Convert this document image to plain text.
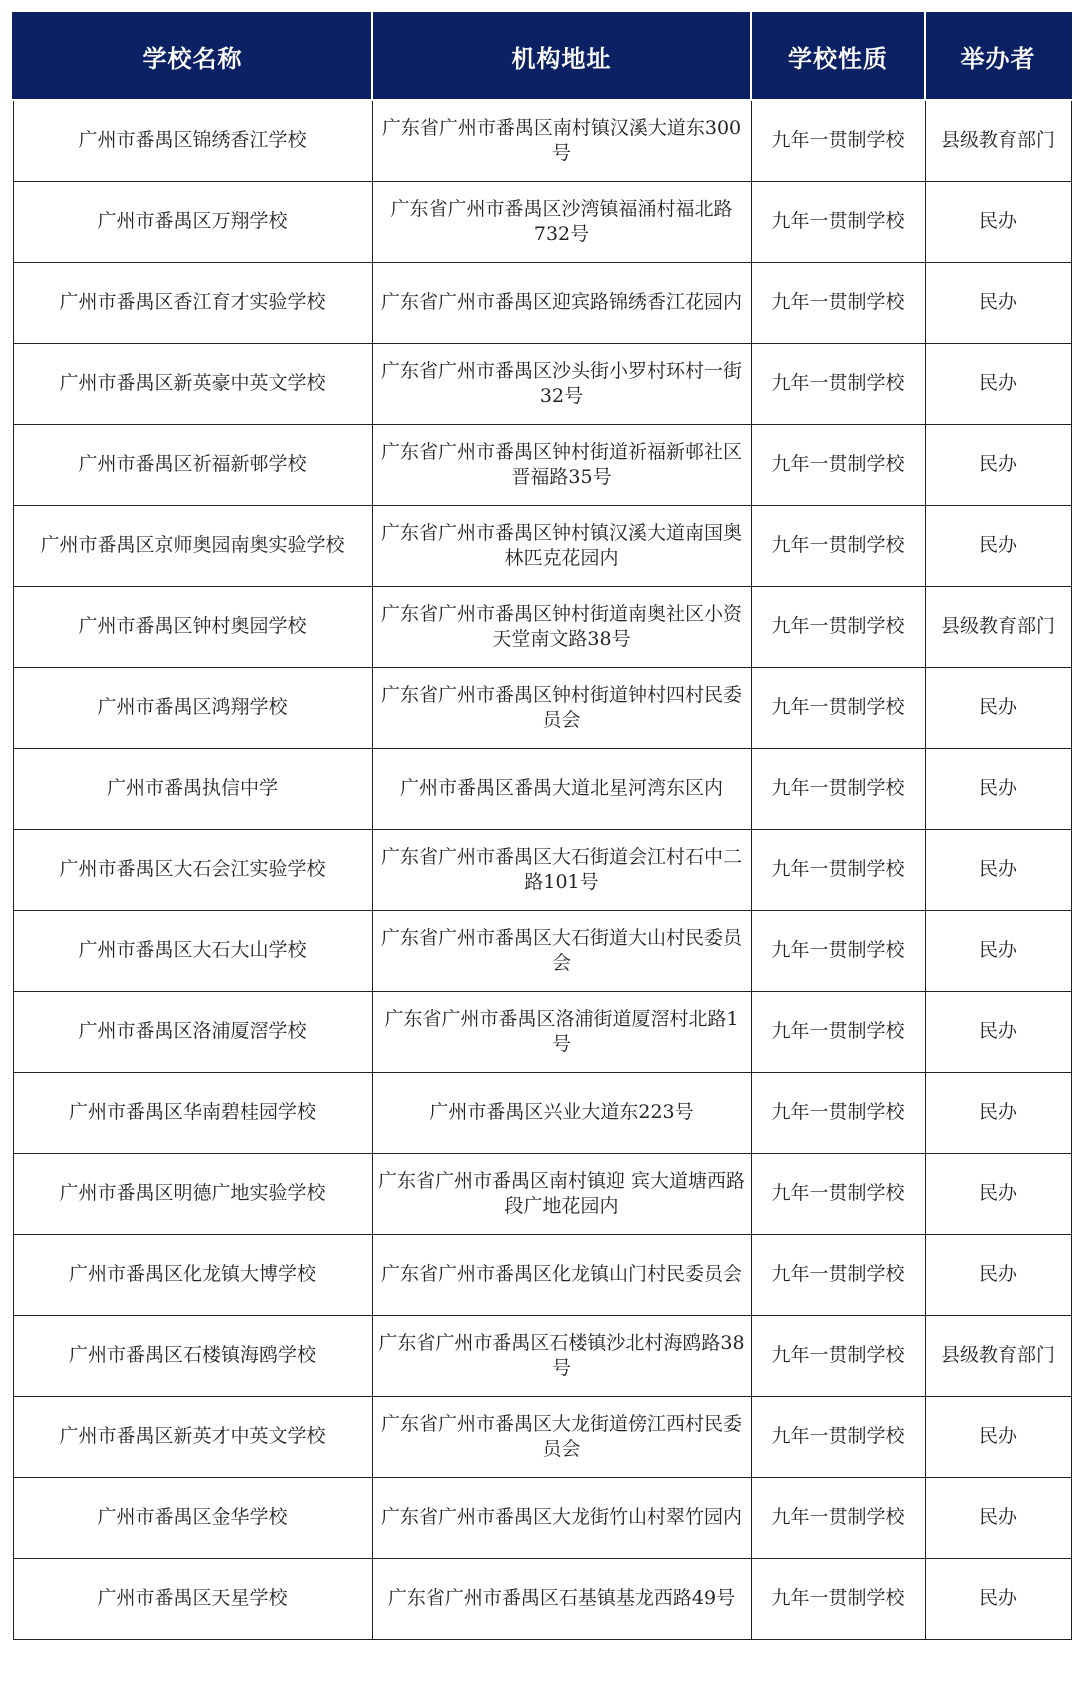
学校名称	机构地址	学校性质	举办者
广州市番禺区锦绣香江学校	广东省广州市番禺区南村镇汉溪大道东300号	九年一贯制学校	县级教育部门
广州市番禺区万翔学校	广东省广州市番禺区沙湾镇福涌村福北路732号	九年一贯制学校	民办
广州市番禺区香江育才实验学校	广东省广州市番禺区迎宾路锦绣香江花园内	九年一贯制学校	民办
广州市番禺区新英豪中英文学校	广东省广州市番禺区沙头街小罗村环村一街32号	九年一贯制学校	民办
广州市番禺区祈福新邨学校	广东省广州市番禺区钟村街道祈福新邨社区晋福路35号	九年一贯制学校	民办
广州市番禺区京师奥园南奥实验学校	广东省广州市番禺区钟村镇汉溪大道南国奥林匹克花园内	九年一贯制学校	民办
广州市番禺区钟村奥园学校	广东省广州市番禺区钟村街道南奥社区小资天堂南文路38号	九年一贯制学校	县级教育部门
广州市番禺区鸿翔学校	广东省广州市番禺区钟村街道钟村四村民委员会	九年一贯制学校	民办
广州市番禺执信中学	广州市番禺区番禺大道北星河湾东区内	九年一贯制学校	民办
广州市番禺区大石会江实验学校	广东省广州市番禺区大石街道会江村石中二路101号	九年一贯制学校	民办
广州市番禺区大石大山学校	广东省广州市番禺区大石街道大山村民委员会	九年一贯制学校	民办
广州市番禺区洛浦厦滘学校	广东省广州市番禺区洛浦街道厦滘村北路1号	九年一贯制学校	民办
广州市番禺区华南碧桂园学校	广州市番禺区兴业大道东223号	九年一贯制学校	民办
广州市番禺区明德广地实验学校	广东省广州市番禺区南村镇迎 宾大道塘西路段广地花园内	九年一贯制学校	民办
广州市番禺区化龙镇大博学校	广东省广州市番禺区化龙镇山门村民委员会	九年一贯制学校	民办
广州市番禺区石楼镇海鸥学校	广东省广州市番禺区石楼镇沙北村海鸥路38号	九年一贯制学校	县级教育部门
广州市番禺区新英才中英文学校	广东省广州市番禺区大龙街道傍江西村民委员会	九年一贯制学校	民办
广州市番禺区金华学校	广东省广州市番禺区大龙街竹山村翠竹园内	九年一贯制学校	民办
广州市番禺区天星学校	广东省广州市番禺区石基镇基龙西路49号	九年一贯制学校	民办
